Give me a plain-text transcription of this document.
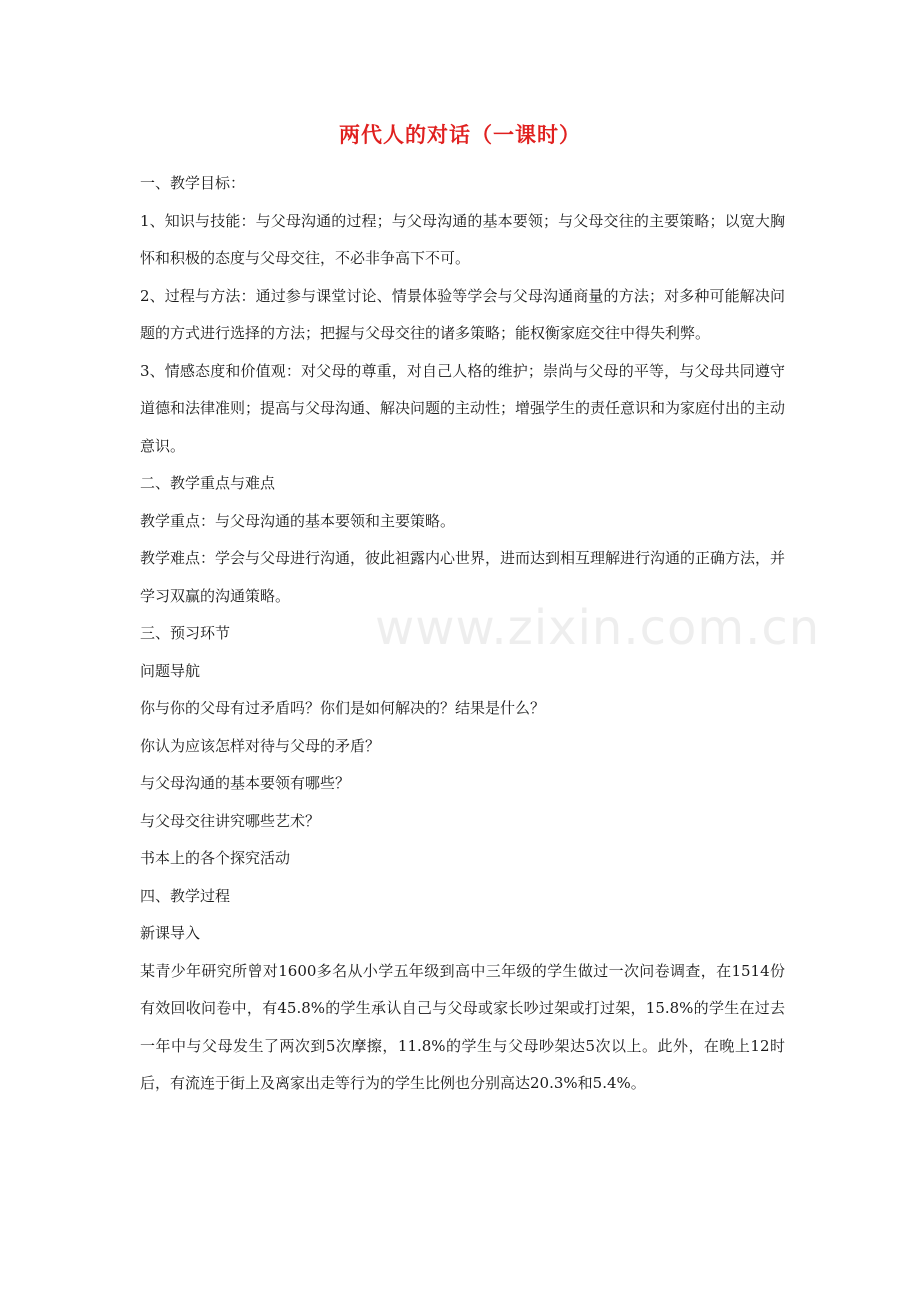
两代人的对话（一课时）

一、教学目标：

1、知识与技能：与父母沟通的过程；与父母沟通的基本要领；与父母交往的主要策略；以宽大胸怀和积极的态度与父母交往，不必非争高下不可。

2、过程与方法：通过参与课堂讨论、情景体验等学会与父母沟通商量的方法；对多种可能解决问题的方式进行选择的方法；把握与父母交往的诸多策略；能权衡家庭交往中得失利弊。

3、情感态度和价值观：对父母的尊重，对自己人格的维护；崇尚与父母的平等，与父母共同遵守道德和法律准则；提高与父母沟通、解决问题的主动性；增强学生的责任意识和为家庭付出的主动意识。

二、教学重点与难点

教学重点：与父母沟通的基本要领和主要策略。

教学难点：学会与父母进行沟通，彼此袒露内心世界，进而达到相互理解进行沟通的正确方法，并学习双赢的沟通策略。

三、预习环节

问题导航

你与你的父母有过矛盾吗？你们是如何解决的？结果是什么？

你认为应该怎样对待与父母的矛盾？

与父母沟通的基本要领有哪些？

与父母交往讲究哪些艺术？

书本上的各个探究活动

四、教学过程

新课导入

某青少年研究所曾对1600多名从小学五年级到高中三年级的学生做过一次问卷调查，在1514份有效回收问卷中，有45.8%的学生承认自己与父母或家长吵过架或打过架，15.8%的学生在过去一年中与父母发生了两次到5次摩擦，11.8%的学生与父母吵架达5次以上。此外，在晚上12时后，有流连于街上及离家出走等行为的学生比例也分别高达20.3%和5.4%。

www.zixin.com.cn
